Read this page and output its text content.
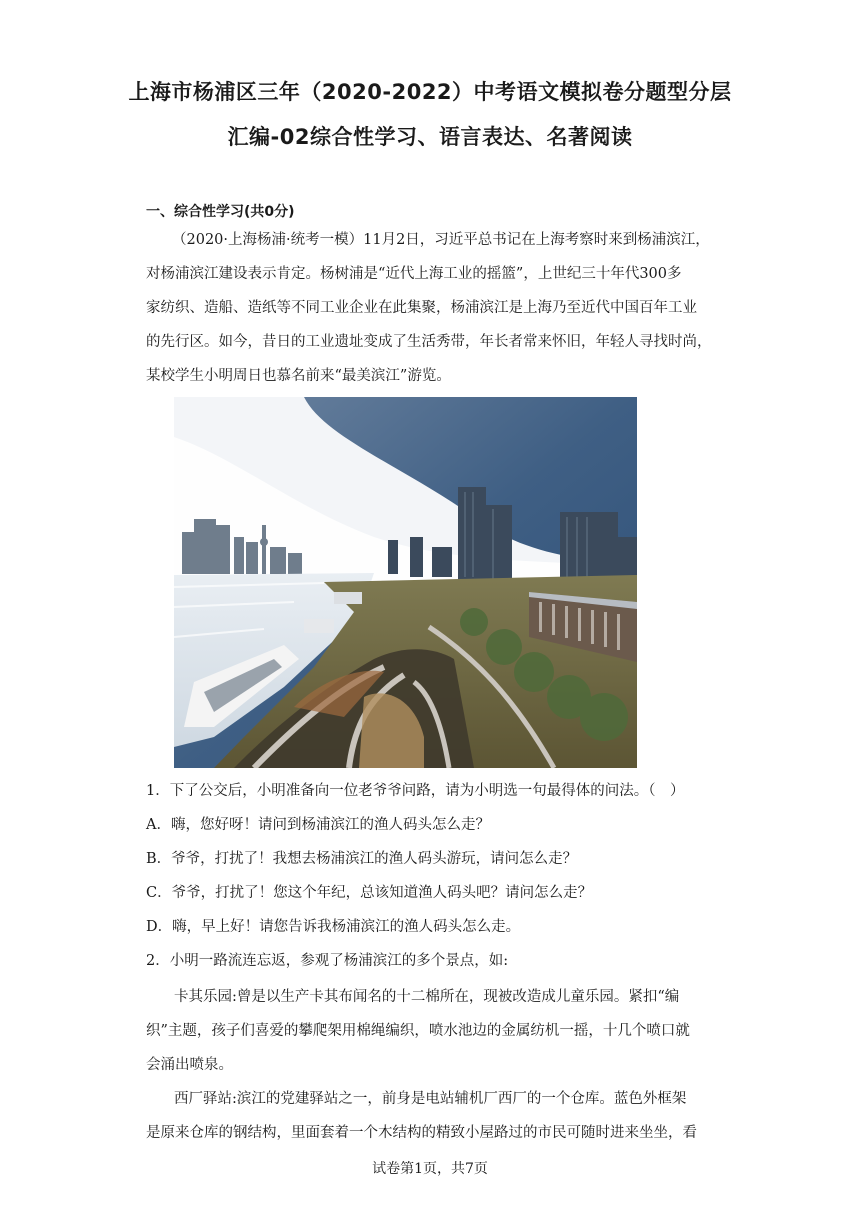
上海市杨浦区三年（2020-2022）中考语文模拟卷分题型分层
汇编-02综合性学习、语言表达、名著阅读
一、综合性学习(共0分)
（2020·上海杨浦·统考一模）11月2日，习近平总书记在上海考察时来到杨浦滨江，
对杨浦滨江建设表示肯定。杨树浦是“近代上海工业的摇篮”，上世纪三十年代300多
家纺织、造船、造纸等不同工业企业在此集聚，杨浦滨江是上海乃至近代中国百年工业
的先行区。如今，昔日的工业遗址变成了生活秀带，年长者常来怀旧，年轻人寻找时尚，
某校学生小明周日也慕名前来“最美滨江”游览。
1．下了公交后，小明准备向一位老爷爷问路，请为小明选一句最得体的问法。（　）
A．嗨，您好呀！请问到杨浦滨江的渔人码头怎么走？
B．爷爷，打扰了！我想去杨浦滨江的渔人码头游玩，请问怎么走？
C．爷爷，打扰了！您这个年纪，总该知道渔人码头吧？请问怎么走？
D．嗨，早上好！请您告诉我杨浦滨江的渔人码头怎么走。
2．小明一路流连忘返，参观了杨浦滨江的多个景点，如:
卡其乐园:曾是以生产卡其布闻名的十二棉所在，现被改造成儿童乐园。紧扣“编
织”主题，孩子们喜爱的攀爬架用棉绳编织，喷水池边的金属纺机一摇，十几个喷口就
会涌出喷泉。
西厂驿站:滨江的党建驿站之一，前身是电站辅机厂西厂的一个仓库。蓝色外框架
是原来仓库的钢结构，里面套着一个木结构的精致小屋路过的市民可随时进来坐坐，看
试卷第1页，共7页
